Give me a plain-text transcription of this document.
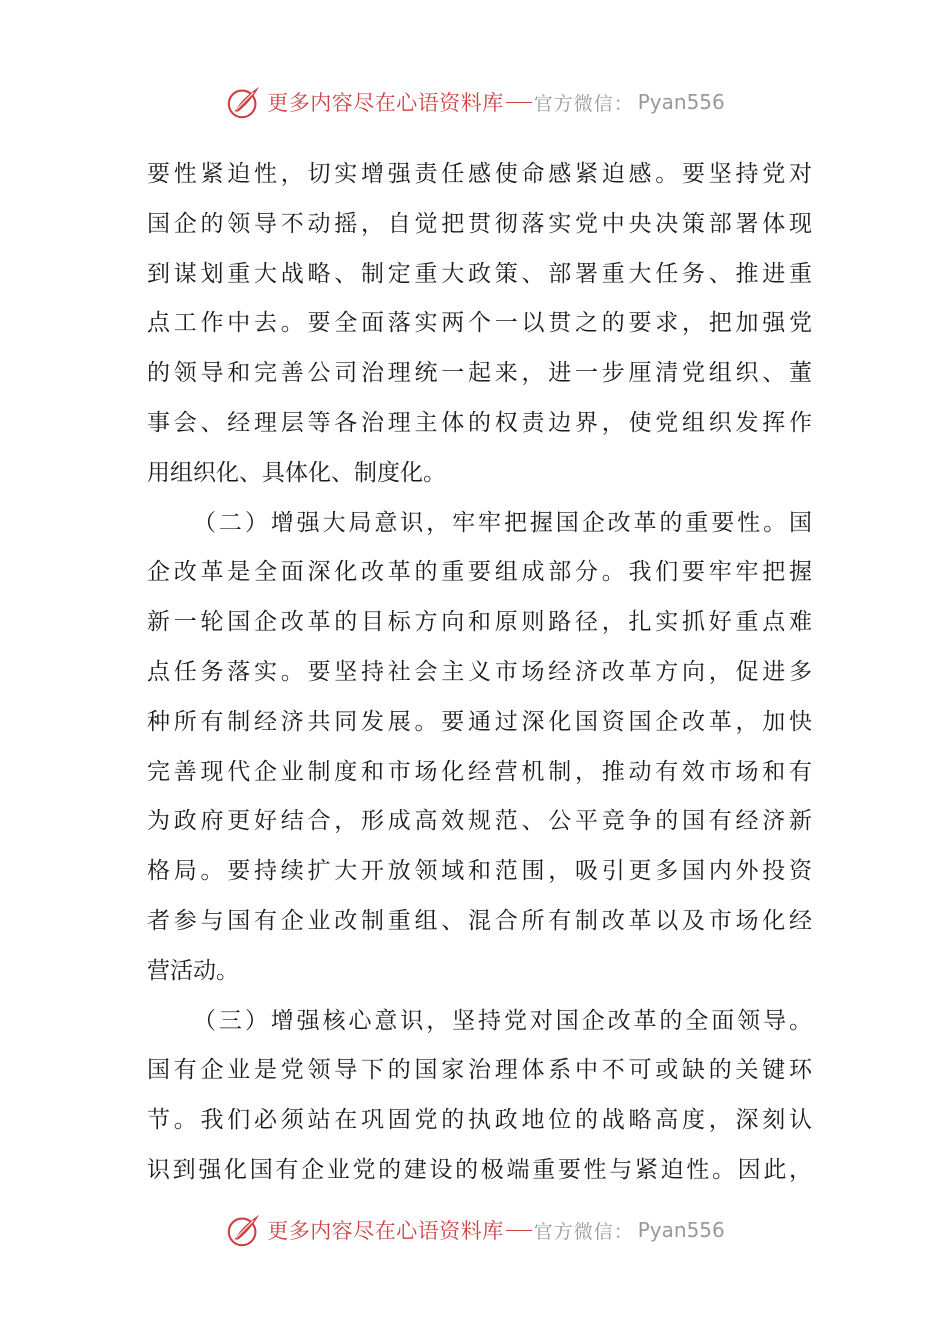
更多内容尽在心语资料库 官方微信： Pyan556
要性紧迫性，切实增强责任感使命感紧迫感。要坚持党对
国企的领导不动摇，自觉把贯彻落实党中央决策部署体现
到谋划重大战略、制定重大政策、部署重大任务、推进重
点工作中去。要全面落实两个一以贯之的要求，把加强党
的领导和完善公司治理统一起来，进一步厘清党组织、董
事会、经理层等各治理主体的权责边界，使党组织发挥作
用组织化、具体化、制度化。
（二）增强大局意识，牢牢把握国企改革的重要性。国
企改革是全面深化改革的重要组成部分。我们要牢牢把握
新一轮国企改革的目标方向和原则路径，扎实抓好重点难
点任务落实。要坚持社会主义市场经济改革方向，促进多
种所有制经济共同发展。要通过深化国资国企改革，加快
完善现代企业制度和市场化经营机制，推动有效市场和有
为政府更好结合，形成高效规范、公平竞争的国有经济新
格局。要持续扩大开放领域和范围，吸引更多国内外投资
者参与国有企业改制重组、混合所有制改革以及市场化经
营活动。
（三）增强核心意识，坚持党对国企改革的全面领导。
国有企业是党领导下的国家治理体系中不可或缺的关键环
节。我们必须站在巩固党的执政地位的战略高度，深刻认
识到强化国有企业党的建设的极端重要性与紧迫性。因此，
更多内容尽在心语资料库 官方微信： Pyan556
